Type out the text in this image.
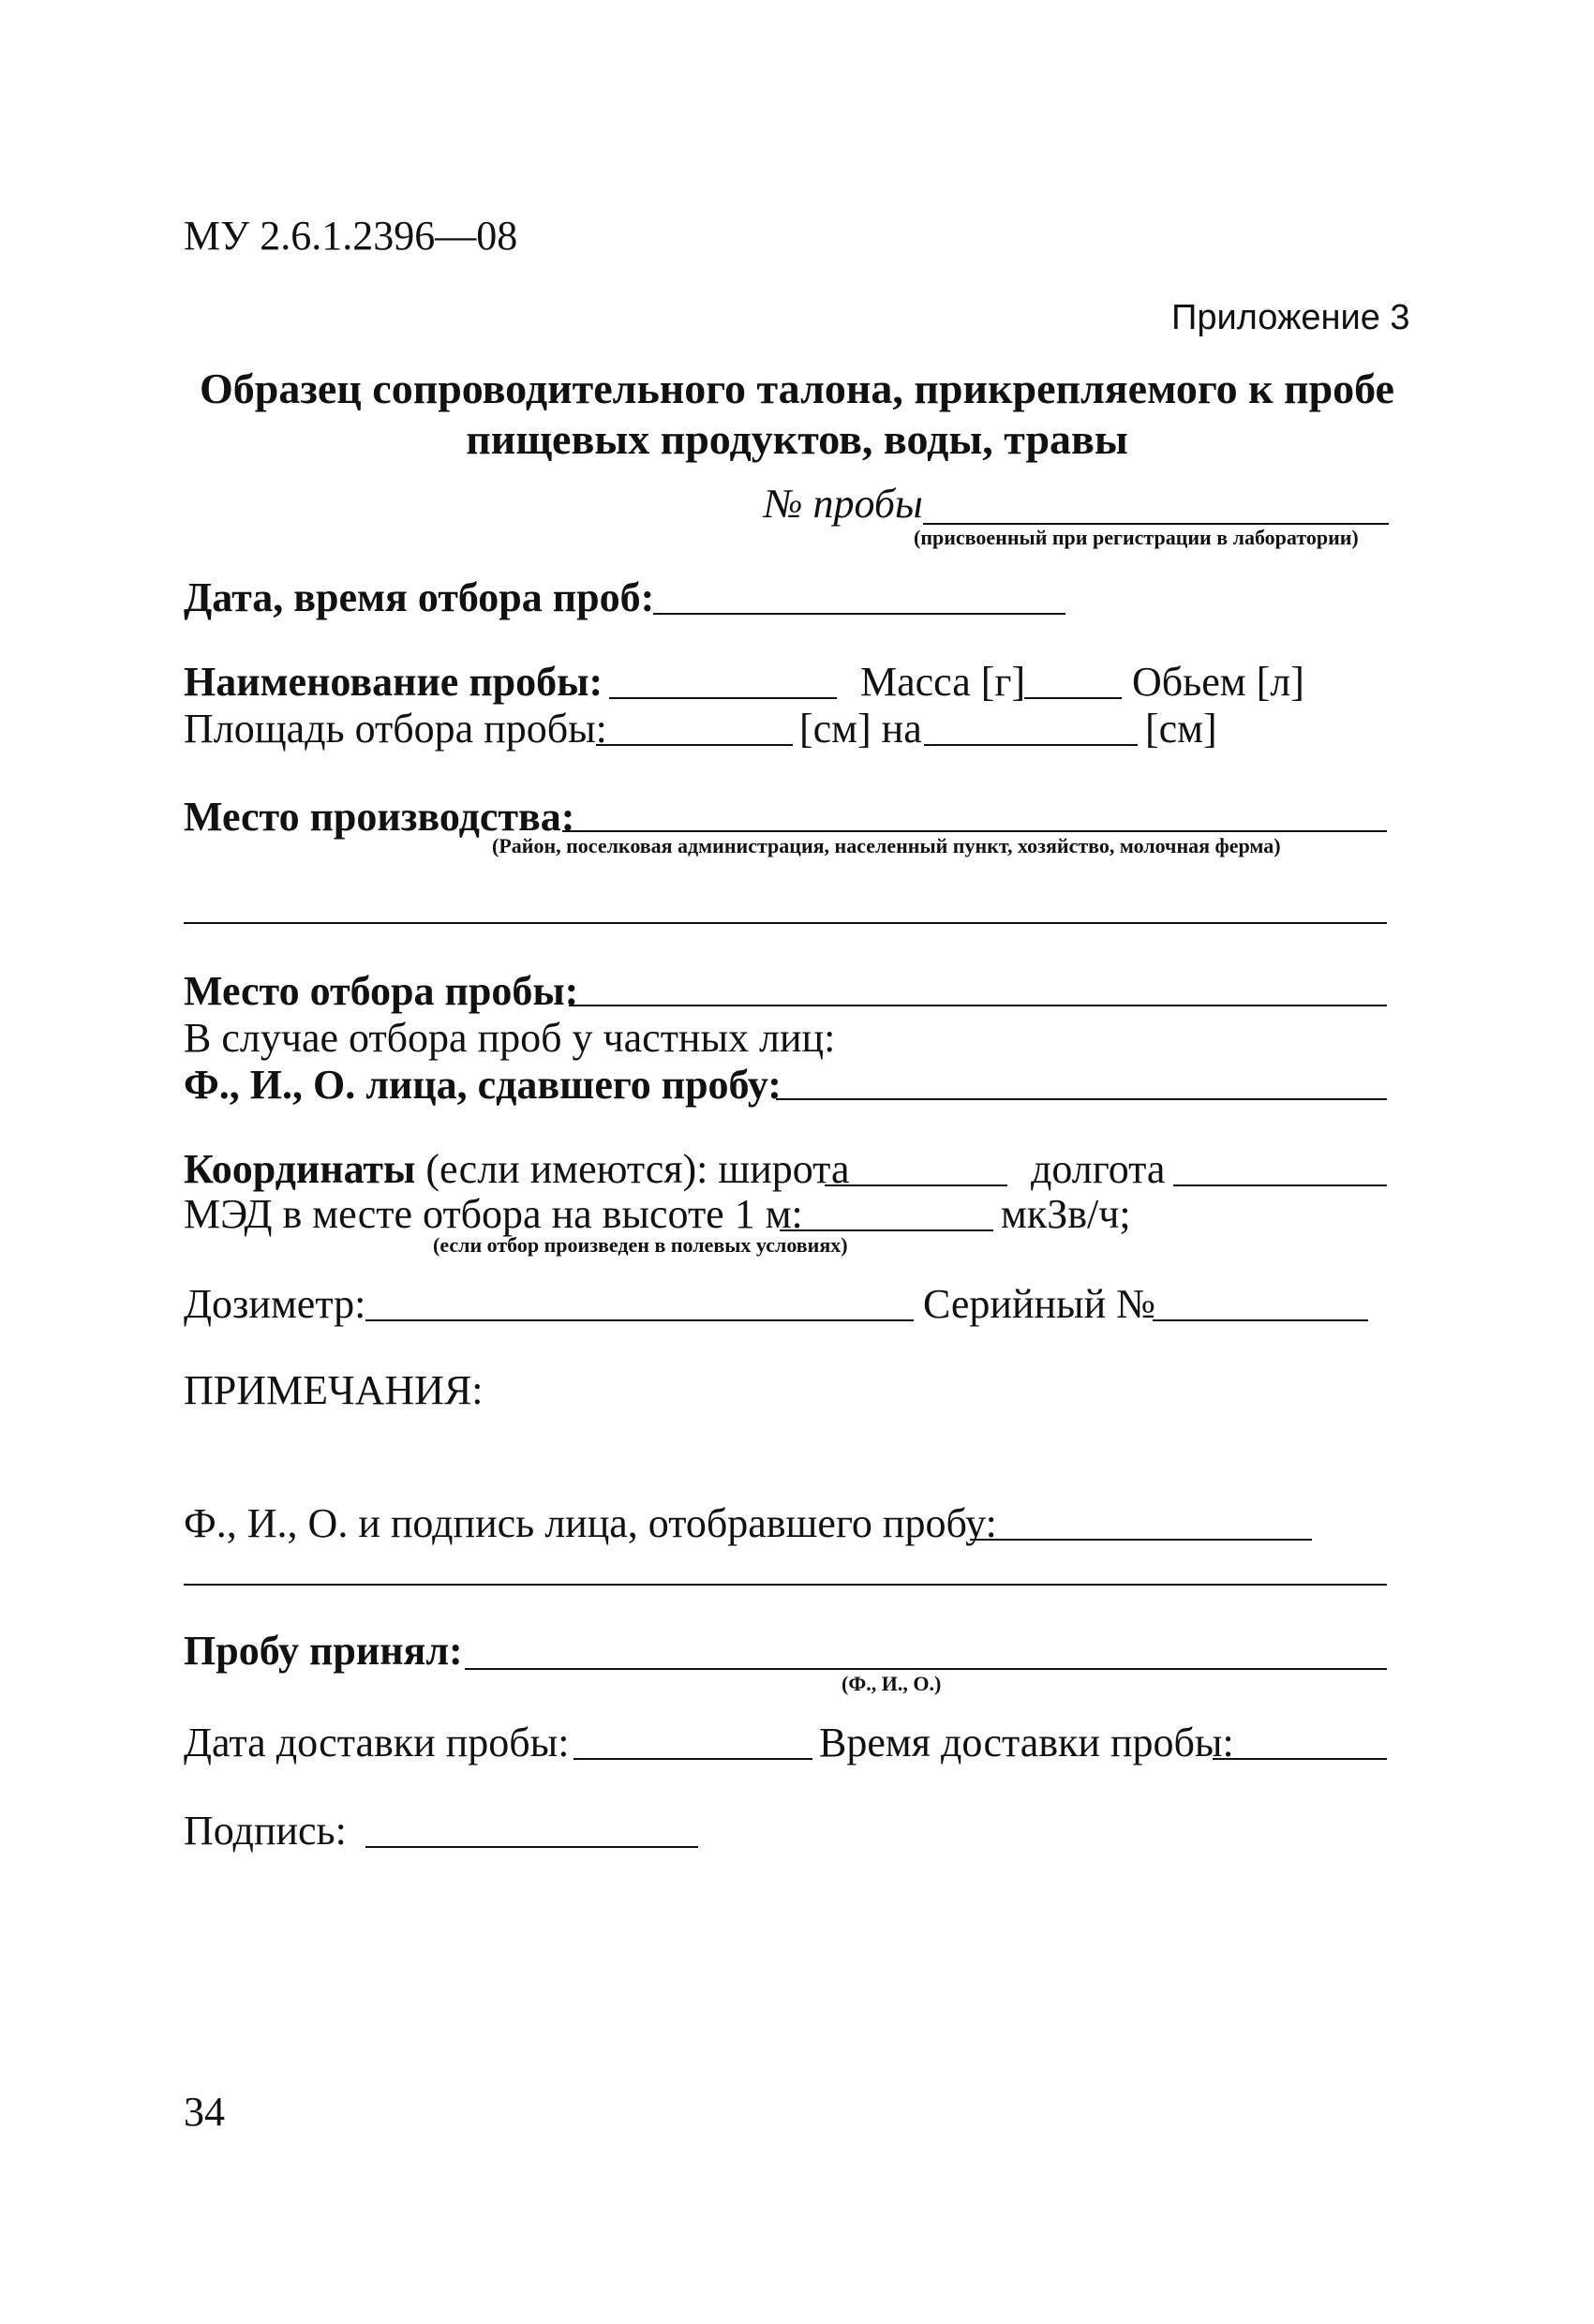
МУ 2.6.1.2396—08
Приложение 3
Образец сопроводительного талона, прикрепляемого к пробе
пищевых продуктов, воды, травы
№ пробы
(присвоенный при регистрации в лаборатории)
Дата, время отбора проб:
Наименование пробы:	Масса [г]	Обьем [л]
Площадь отбора пробы:	[см] на	[см]
Место производства:
(Район, поселковая администрация, населенный пункт, хозяйство, молочная ферма)
Место отбора пробы:
В случае отбора проб у частных лиц:
Ф., И., О. лица, сдавшего пробу:
Координаты (если имеются): широта	долгота
МЭД в месте отбора на высоте 1 м:	мкЗв/ч;
(если отбор произведен в полевых условиях)
Дозиметр:	Серийный №
ПРИМЕЧАНИЯ:
Ф., И., О. и подпись лица, отобравшего пробу:
Пробу принял:
(Ф., И., О.)
Дата доставки пробы:	Время доставки пробы:
Подпись:
34
